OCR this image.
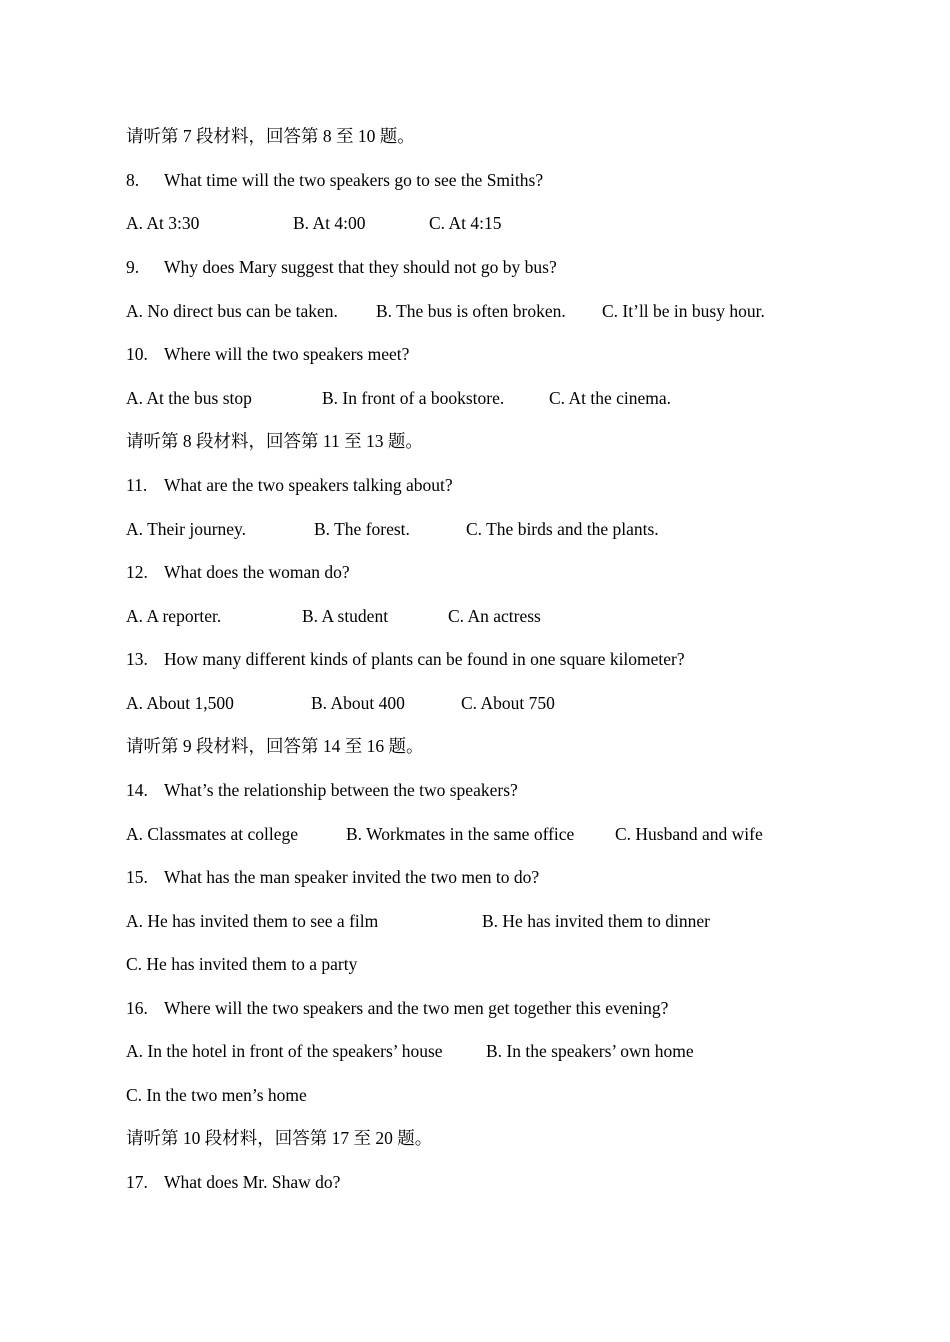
请听第 7 段材料，回答第 8 至 10 题。
8. What time will the two speakers go to see the Smiths?
A. At 3:30	B. At 4:00	C. At 4:15
9. Why does Mary suggest that they should not go by bus?
A. No direct bus can be taken. B. The bus is often broken. C. It’ll be in busy hour.
10. Where will the two speakers meet?
A. At the bus stop	B. In front of a bookstore.	C. At the cinema.
请听第 8 段材料，回答第 11 至 13 题。
11. What are the two speakers talking about?
A. Their journey.	B. The forest.	C. The birds and the plants.
12. What does the woman do?
A. A reporter.	B. A student	C. An actress
13. How many different kinds of plants can be found in one square kilometer?
A. About 1,500	B. About 400	C. About 750
请听第 9 段材料，回答第 14 至 16 题。
14. What’s the relationship between the two speakers?
A. Classmates at college	B. Workmates in the same office C. Husband and wife
15. What has the man speaker invited the two men to do?
A. He has invited them to see a film	B. He has invited them to dinner
C. He has invited them to a party
16. Where will the two speakers and the two men get together this evening?
A. In the hotel in front of the speakers’ house B. In the speakers’ own home
C. In the two men’s home
请听第 10 段材料，回答第 17 至 20 题。
17. What does Mr. Shaw do?
